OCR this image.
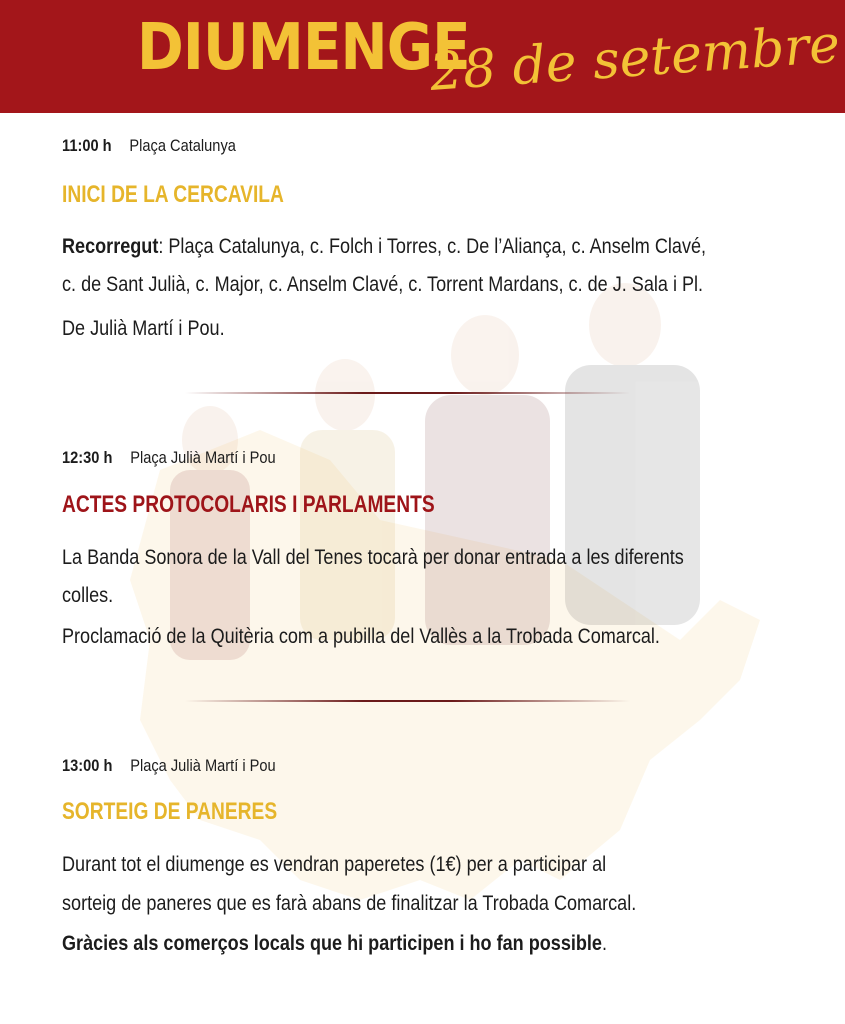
DIUMENGE
28 de setembre
11:00 h Plaça Catalunya
INICI DE LA CERCAVILA
Recorregut: Plaça Catalunya, c. Folch i Torres, c. De l’Aliança, c. Anselm Clavé,
c. de Sant Julià, c. Major, c. Anselm Clavé, c. Torrent Mardans, c. de J. Sala i Pl.
De Julià Martí i Pou.
12:30 h Plaça Julià Martí i Pou
ACTES PROTOCOLARIS I PARLAMENTS
La Banda Sonora de la Vall del Tenes tocarà per donar entrada a les diferents
colles.
Proclamació de la Quitèria com a pubilla del Vallès a la Trobada Comarcal.
13:00 h Plaça Julià Martí i Pou
SORTEIG DE PANERES
Durant tot el diumenge es vendran paperetes (1€) per a participar al
sorteig de paneres que es farà abans de finalitzar la Trobada Comarcal.
Gràcies als comerços locals que hi participen i ho fan possible.
